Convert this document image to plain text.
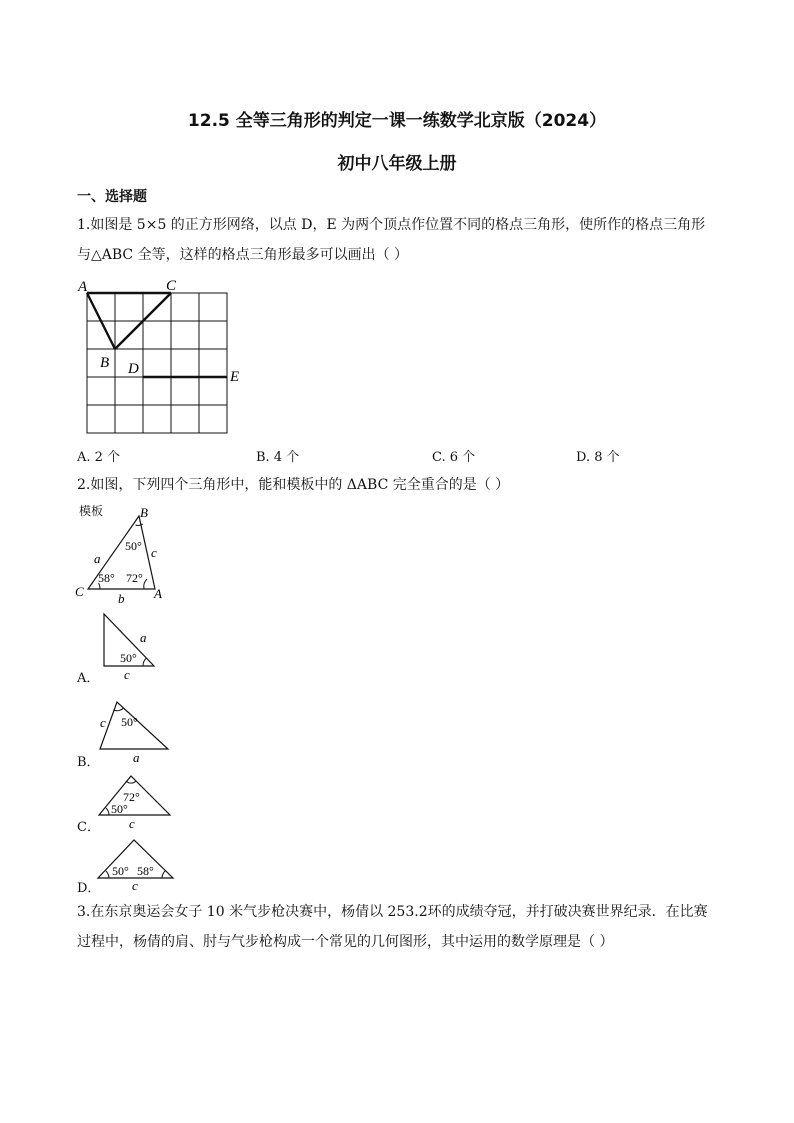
12.5 全等三角形的判定一课一练数学北京版（2024）
初中八年级上册
一、选择题
1.如图是 5×5 的正方形网络，以点 D，E 为两个顶点作位置不同的格点三角形，使所作的格点三角形
与△ABC 全等，这样的格点三角形最多可以画出（ ）
A	C
B D	E
A. 2 个	B. 4 个	C. 6 个	D. 8 个
2.如图，下列四个三角形中，能和模板中的 ΔABC 完全重合的是（ ）
模板	B
C	A
a	c
b
50°
58° 72°
A．
a
50°
c
B．
c 50°
a
C．
72°
50°
c
D．
50° 58°
c
3.在东京奥运会女子 10 米气步枪决赛中，杨倩以 253.2环的成绩夺冠，并打破决赛世界纪录．在比赛
过程中，杨倩的肩、肘与气步枪构成一个常见的几何图形，其中运用的数学原理是（ ）
